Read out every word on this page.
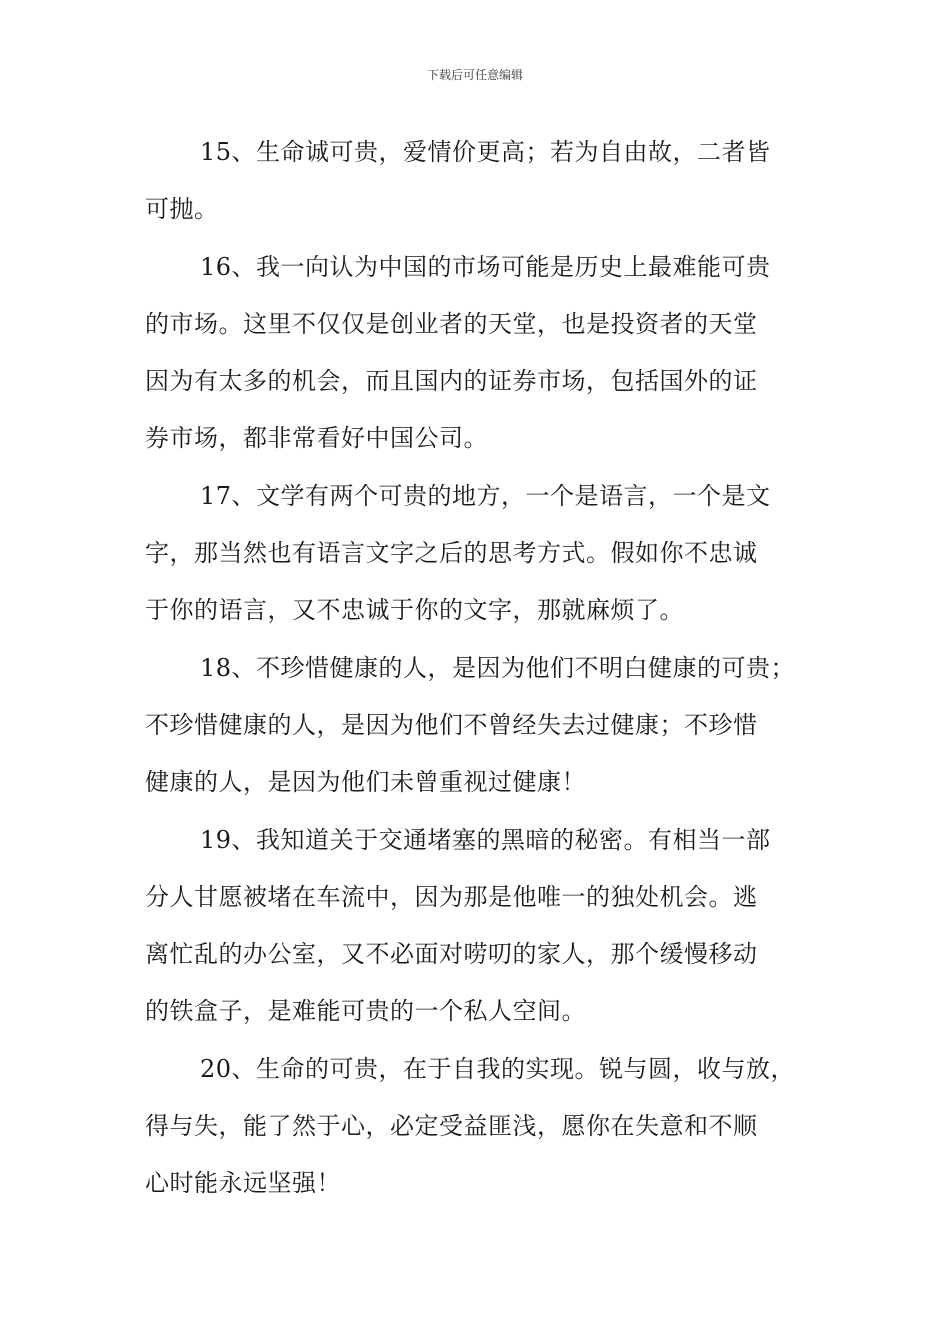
下载后可任意编辑
15、生命诚可贵，爱情价更高；若为自由故，二者皆
可抛。
16、我一向认为中国的市场可能是历史上最难能可贵
的市场。这里不仅仅是创业者的天堂，也是投资者的天堂
因为有太多的机会，而且国内的证券市场，包括国外的证
券市场，都非常看好中国公司。
17、文学有两个可贵的地方，一个是语言，一个是文
字，那当然也有语言文字之后的思考方式。假如你不忠诚
于你的语言，又不忠诚于你的文字，那就麻烦了。
18、不珍惜健康的人，是因为他们不明白健康的可贵；
不珍惜健康的人，是因为他们不曾经失去过健康；不珍惜
健康的人，是因为他们未曾重视过健康！
19、我知道关于交通堵塞的黑暗的秘密。有相当一部
分人甘愿被堵在车流中，因为那是他唯一的独处机会。逃
离忙乱的办公室，又不必面对唠叨的家人，那个缓慢移动
的铁盒子，是难能可贵的一个私人空间。
20、生命的可贵，在于自我的实现。锐与圆，收与放，
得与失，能了然于心，必定受益匪浅，愿你在失意和不顺
心时能永远坚强！
